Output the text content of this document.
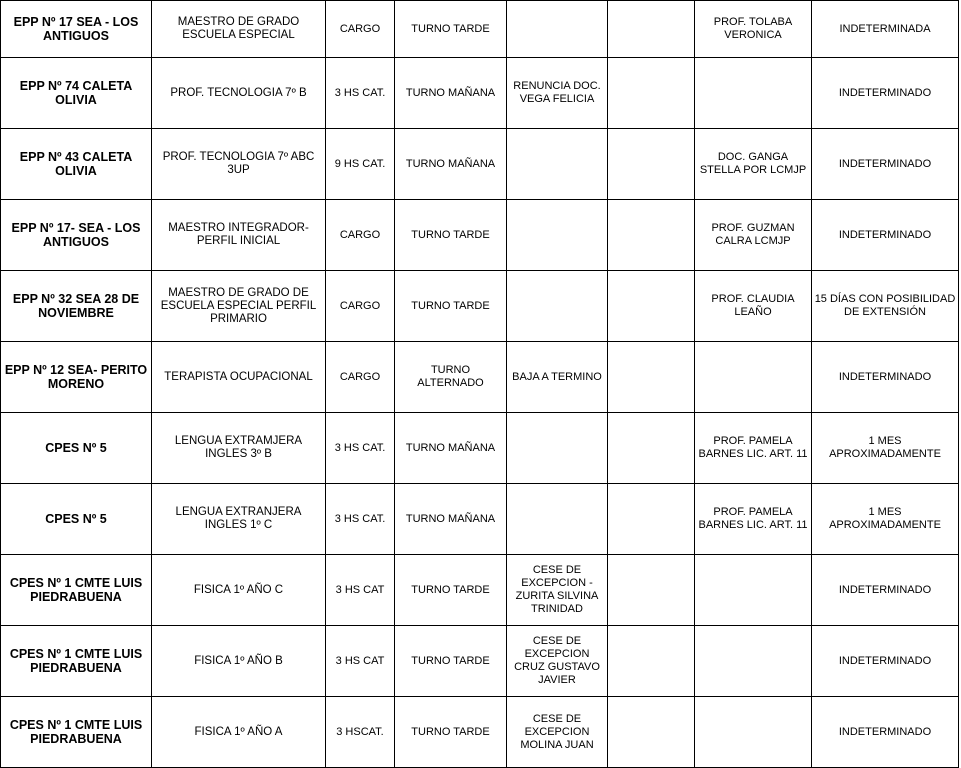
EPP Nº 17 SEA - LOS ANTIGUOS	MAESTRO DE GRADO ESCUELA ESPECIAL	CARGO	TURNO TARDE			PROF. TOLABA VERONICA	INDETERMINADA
EPP Nº 74 CALETA OLIVIA	PROF. TECNOLOGIA 7º B	3 HS CAT.	TURNO MAÑANA	RENUNCIA DOC. VEGA FELICIA			INDETERMINADO
EPP Nº 43 CALETA OLIVIA	PROF. TECNOLOGIA 7º ABC 3UP	9 HS CAT.	TURNO MAÑANA			DOC. GANGA STELLA POR LCMJP	INDETERMINADO
EPP Nº 17- SEA - LOS ANTIGUOS	MAESTRO INTEGRADOR- PERFIL INICIAL	CARGO	TURNO TARDE			PROF. GUZMAN CALRA LCMJP	INDETERMINADO
EPP Nº 32 SEA 28 DE NOVIEMBRE	MAESTRO DE GRADO DE ESCUELA ESPECIAL PERFIL PRIMARIO	CARGO	TURNO TARDE			PROF. CLAUDIA LEAÑO	15 DÍAS CON POSIBILIDAD DE EXTENSIÓN
EPP Nº 12 SEA- PERITO MORENO	TERAPISTA OCUPACIONAL	CARGO	TURNO ALTERNADO	BAJA A TERMINO			INDETERMINADO
CPES Nº 5	LENGUA EXTRAMJERA INGLES 3º B	3 HS CAT.	TURNO MAÑANA			PROF. PAMELA BARNES LIC. ART. 11	1 MES APROXIMADAMENTE
CPES Nº 5	LENGUA EXTRANJERA INGLES 1º C	3 HS CAT.	TURNO MAÑANA			PROF. PAMELA BARNES LIC. ART. 11	1 MES APROXIMADAMENTE
CPES Nº 1 CMTE LUIS PIEDRABUENA	FISICA 1º AÑO C	3 HS CAT	TURNO TARDE	CESE DE EXCEPCION - ZURITA SILVINA TRINIDAD			INDETERMINADO
CPES Nº 1 CMTE LUIS PIEDRABUENA	FISICA 1º AÑO B	3 HS CAT	TURNO TARDE	CESE DE EXCEPCION CRUZ GUSTAVO JAVIER			INDETERMINADO
CPES Nº 1 CMTE LUIS PIEDRABUENA	FISICA 1º AÑO A	3 HSCAT.	TURNO TARDE	CESE DE EXCEPCION MOLINA JUAN			INDETERMINADO
